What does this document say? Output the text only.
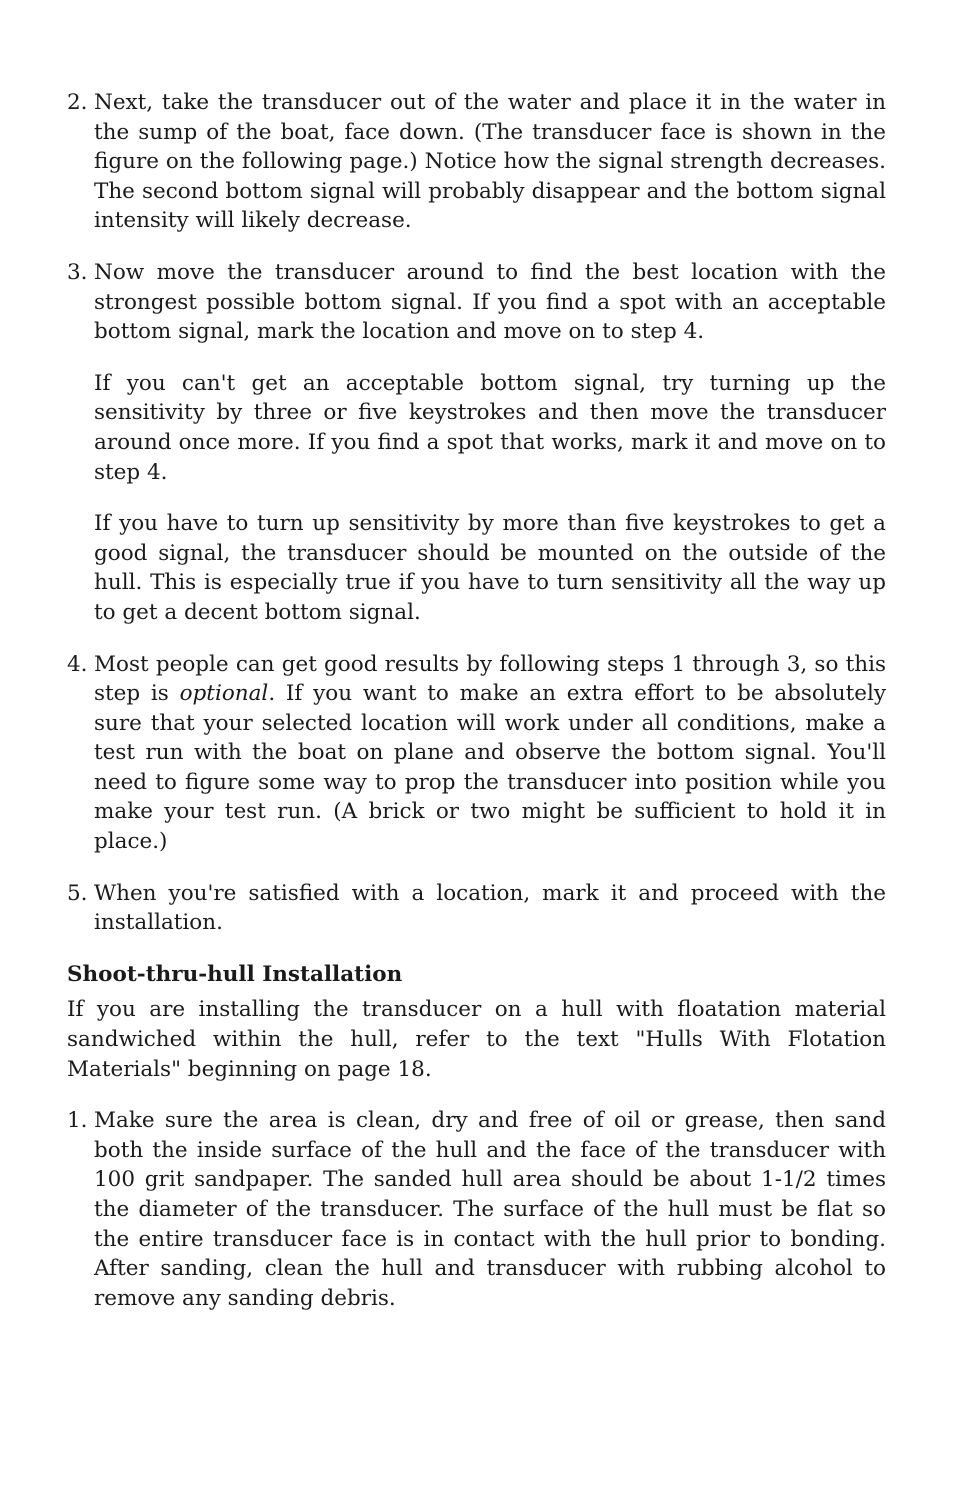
2. Next, take the transducer out of the water and place it in the water in the sump of the boat, face down. (The transducer face is shown in the figure on the following page.) Notice how the signal strength decreases. The second bottom signal will probably disappear and the bottom signal intensity will likely decrease.

3. Now move the transducer around to find the best location with the strongest possible bottom signal. If you find a spot with an acceptable bottom signal, mark the location and move on to step 4.

If you can't get an acceptable bottom signal, try turning up the sensitivity by three or five keystrokes and then move the transducer around once more. If you find a spot that works, mark it and move on to step 4.

If you have to turn up sensitivity by more than five keystrokes to get a good signal, the transducer should be mounted on the outside of the hull. This is especially true if you have to turn sensitivity all the way up to get a decent bottom signal.

4. Most people can get good results by following steps 1 through 3, so this step is optional. If you want to make an extra effort to be absolutely sure that your selected location will work under all conditions, make a test run with the boat on plane and observe the bottom signal. You'll need to figure some way to prop the transducer into position while you make your test run. (A brick or two might be sufficient to hold it in place.)

5. When you're satisfied with a location, mark it and proceed with the installation.

Shoot-thru-hull Installation

If you are installing the transducer on a hull with floatation material sandwiched within the hull, refer to the text "Hulls With Flotation Materials" beginning on page 18.

1. Make sure the area is clean, dry and free of oil or grease, then sand both the inside surface of the hull and the face of the transducer with 100 grit sandpaper. The sanded hull area should be about 1-1/2 times the diameter of the transducer. The surface of the hull must be flat so the entire transducer face is in contact with the hull prior to bonding. After sanding, clean the hull and transducer with rubbing alcohol to remove any sanding debris.
